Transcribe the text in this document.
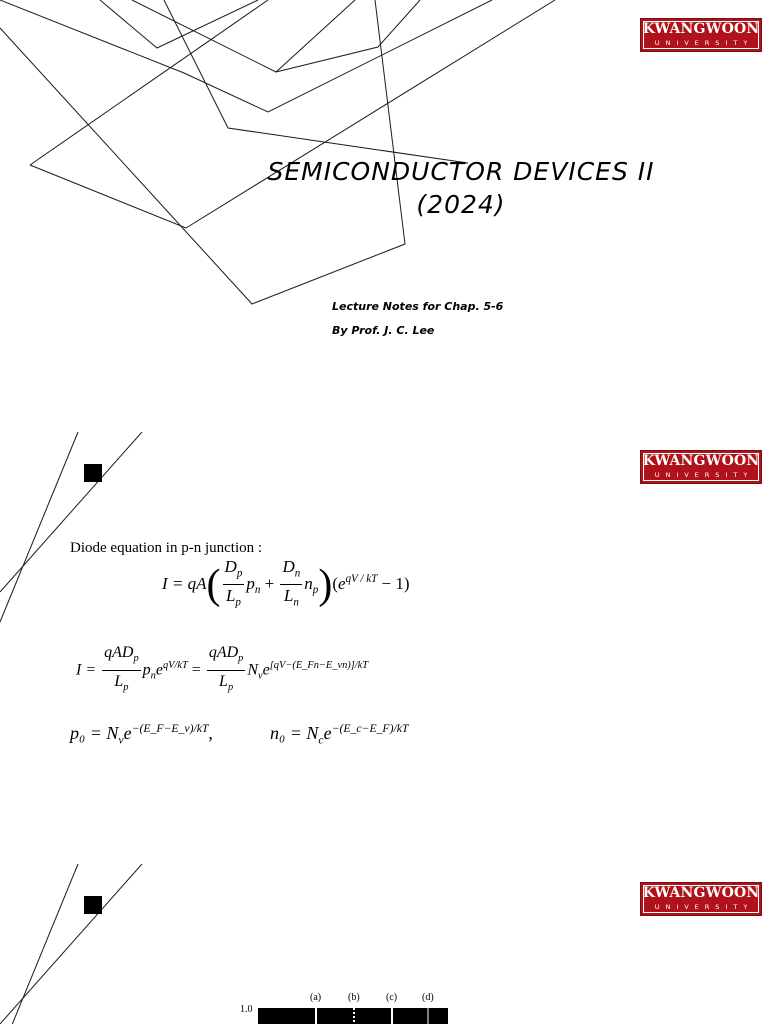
KWANGWOON
UNIVERSITY
SEMICONDUCTOR DEVICES II
(2024)
Lecture Notes for Chap. 5-6
By Prof. J. C. Lee
KWANGWOON
UNIVERSITY
Diode equation in p-n junction :
$I = qA( \frac{D_p}{L_p} p_n + \frac{D_n}{L_n} n_p)(e^{qV / kT} - 1)$
$I = \frac{qAD_p}{L_p} p_ne^{qV/kT} = \frac{qAD_p}{L_p} N_ve^{[qV-(E\_Fn-E\_vn)]/kT}$
$p_0 = N_ve^{-(E\_F-E\_v)/kT}$,	$n_0 = N_ce^{-(E\_c-E\_F)/kT}$
KWANGWOON
UNIVERSITY
1.0
(a)	(b)	(c) (d)
